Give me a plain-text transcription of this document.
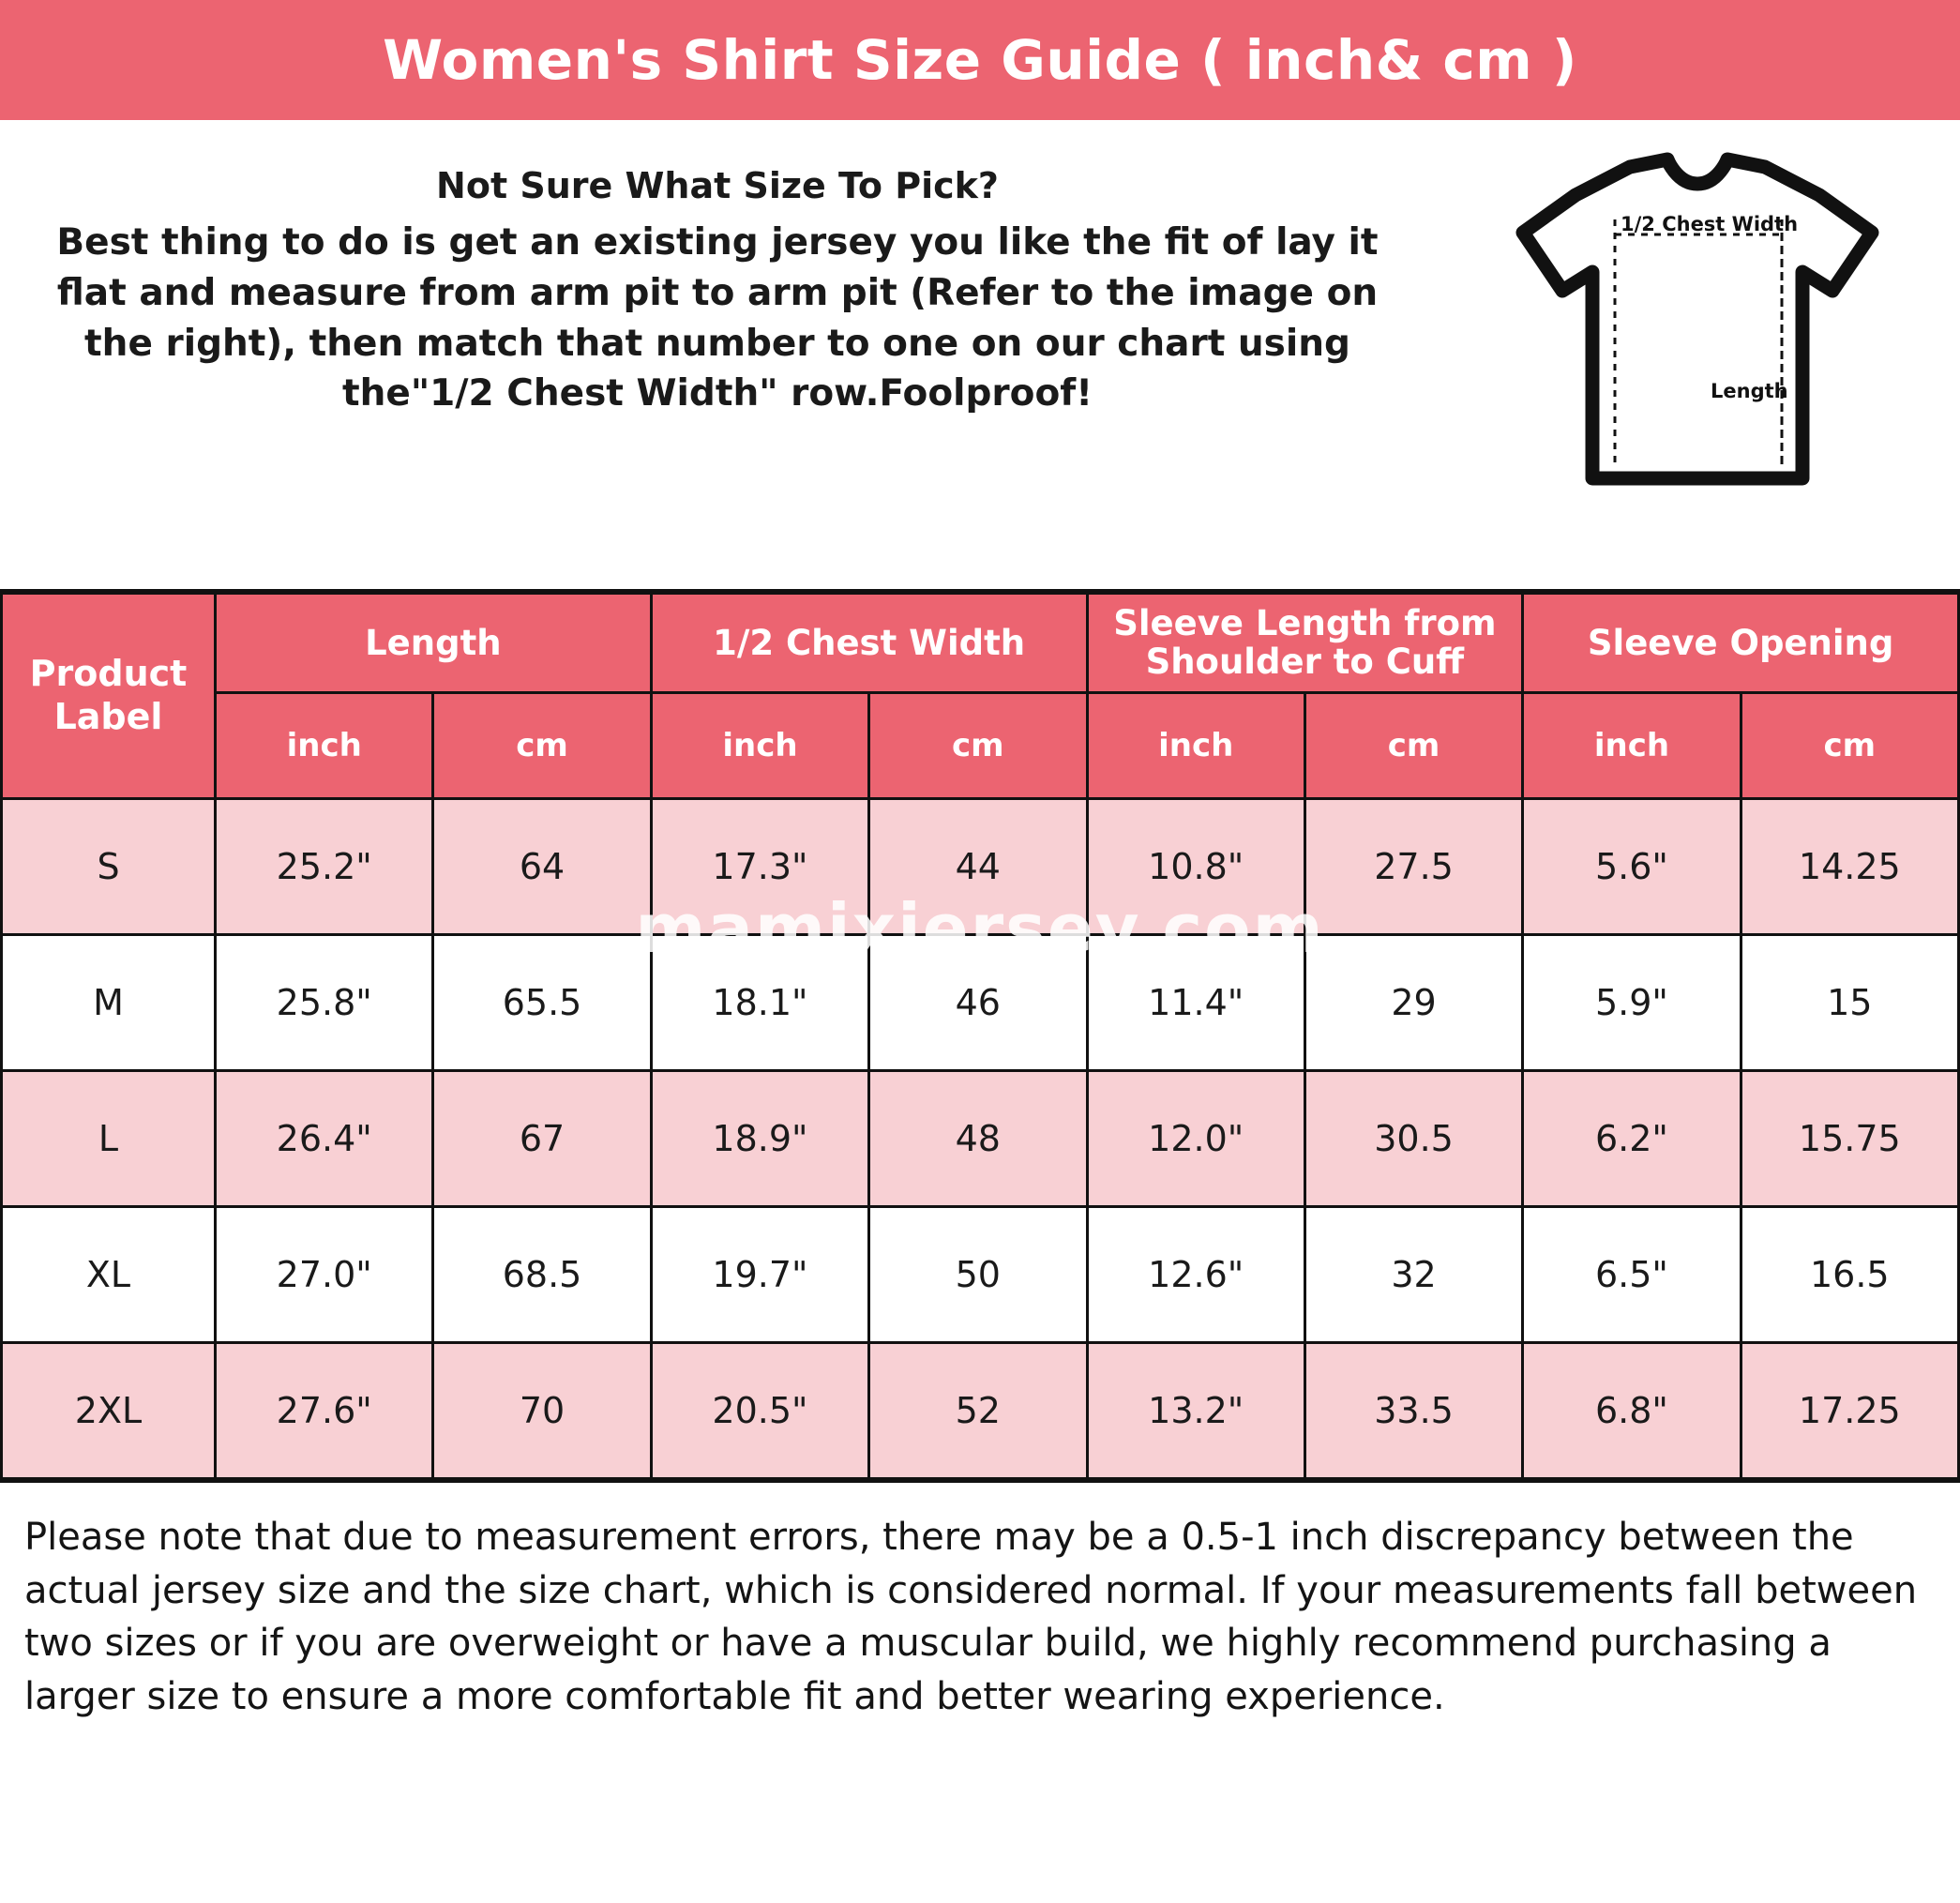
Women's Shirt Size Guide ( inch& cm )
Not Sure What Size To Pick?
Best thing to do is get an existing jersey you like the fit of lay it flat and measure from arm pit to arm pit (Refer to the image on the right), then match that number to one on our chart using the"1/2 Chest Width" row.Foolproof!
1/2 Chest Width
Length
Product Label	Length		1/2 Chest Width		Sleeve Length from Shoulder to Cuff		Sleeve Opening	
	inch	cm	inch	cm	inch	cm	inch	cm
S	25.2"	64	17.3"	44	10.8"	27.5	5.6"	14.25
M	25.8"	65.5	18.1"	46	11.4"	29	5.9"	15
L	26.4"	67	18.9"	48	12.0"	30.5	6.2"	15.75
XL	27.0"	68.5	19.7"	50	12.6"	32	6.5"	16.5
2XL	27.6"	70	20.5"	52	13.2"	33.5	6.8"	17.25
Please note that due to measurement errors, there may be a 0.5-1 inch discrepancy between the actual jersey size and the size chart, which is considered normal. If your measurements fall between two sizes or if you are overweight or have a muscular build, we highly recommend purchasing a larger size to ensure a more comfortable fit and better wearing experience.
mamixjersey.com
